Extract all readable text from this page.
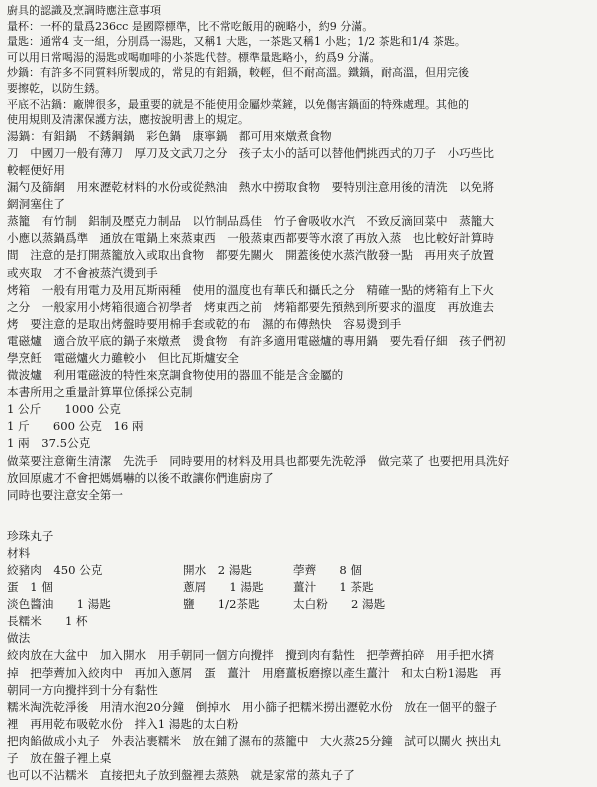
廚具的認識及烹調時應注意事項
量杯：一杯的量爲236cc 是國際標準，比不常吃飯用的碗略小，約9 分滿。
量匙：通常4 支一組，分別爲一湯匙，又稱1 大匙，一茶匙又稱1 小匙；1/2 茶匙和1/4 茶匙。
可以用日常喝湯的湯匙或喝咖啡的小茶匙代替。標準量匙略小，約爲9 分滿。
炒鍋：有許多不同質料所製成的，常見的有鋁鍋，較輕，但不耐高溫。鐵鍋，耐高溫，但用完後
要擦乾，以防生銹。
平底不沾鍋：廠牌很多，最重要的就是不能使用金屬炒菜鏟，以免傷害鍋面的特殊處理。其他的
使用規則及清潔保護方法，應按說明書上的規定。
湯鍋：有鋁鍋　不銹鋼鍋　彩色鍋　康寧鍋　都可用來燉煮食物
刀　中國刀一般有薄刀　厚刀及文武刀之分　孩子太小的話可以替他們挑西式的刀子　小巧些比
較輕便好用
漏勺及篩網　用來瀝乾材料的水份或從熱油　熱水中撈取食物　要特別注意用後的清洗　以免將
網洞塞住了
蒸籠　有竹制　鋁制及壓克力制品　以竹制品爲佳　竹子會吸收水汽　不致反滴回菜中　蒸籠大
小應以蒸鍋爲準　通放在電鍋上來蒸東西　一般蒸東西都要等水滾了再放入蒸　也比較好計算時
間　注意的是打開蒸籠放入或取出食物　都要先關火　開蓋後使水蒸汽散發一點　再用夾子放置
或夾取　才不會被蒸汽燙到手
烤箱　一般有用電力及用瓦斯兩種　使用的溫度也有華氏和攝氏之分　精確一點的烤箱有上下火
之分　一般家用小烤箱很適合初學者　烤東西之前　烤箱都要先預熱到所要求的溫度　再放進去
烤　要注意的是取出烤盤時要用棉手套或乾的布　濕的布傳熱快　容易燙到手
電磁爐　適合放平底的鍋子來燉煮　燙食物　有許多適用電磁爐的專用鍋　要先看仔細　孩子們初
學烹飪　電磁爐火力雖較小　但比瓦斯爐安全
微波爐　利用電磁波的特性來烹調食物使用的器皿不能是含金屬的
本書所用之重量計算單位係採公克制
1 公斤　　1000 公克
1 斤　　600 公克　16 兩
1 兩　37.5公克
做菜要注意衛生清潔　先洗手　同時要用的材料及用具也都要先洗乾淨　做完菜了 也要把用具洗好
放回原處才不會把媽媽嚇的以後不敢讓你們進廚房了
同時也要注意安全第一
珍珠丸子
材料
絞豬肉　450 公克	開水　2 湯匙	荸薺　　8 個
蛋　1 個	蔥屑　　1 湯匙	薑汁　　1 茶匙
淡色醬油　　1 湯匙	鹽　　1/2茶匙	太白粉　　2 湯匙
長糯米　　1 杯
做法
絞肉放在大盆中　加入開水　用手朝同一個方向攪拌　攪到肉有黏性　把荸薺拍碎　用手把水擠
掉　把荸薺加入絞肉中　再加入蔥屑　蛋　薑汁　用磨薑板磨擦以產生薑汁　和太白粉1湯匙　再
朝同一方向攪拌到十分有黏性
糯米淘洗乾淨後　用清水泡20分鐘　倒掉水　用小篩子把糯米撈出瀝乾水份　放在一個平的盤子
裡　再用乾布吸乾水份　拌入1 湯匙的太白粉
把肉餡做成小丸子　外表沾裹糯米　放在鋪了濕布的蒸籠中　大火蒸25分鐘　試可以關火 挾出丸
子　放在盤子裡上桌
也可以不沾糯米　直接把丸子放到盤裡去蒸熟　就是家常的蒸丸子了
